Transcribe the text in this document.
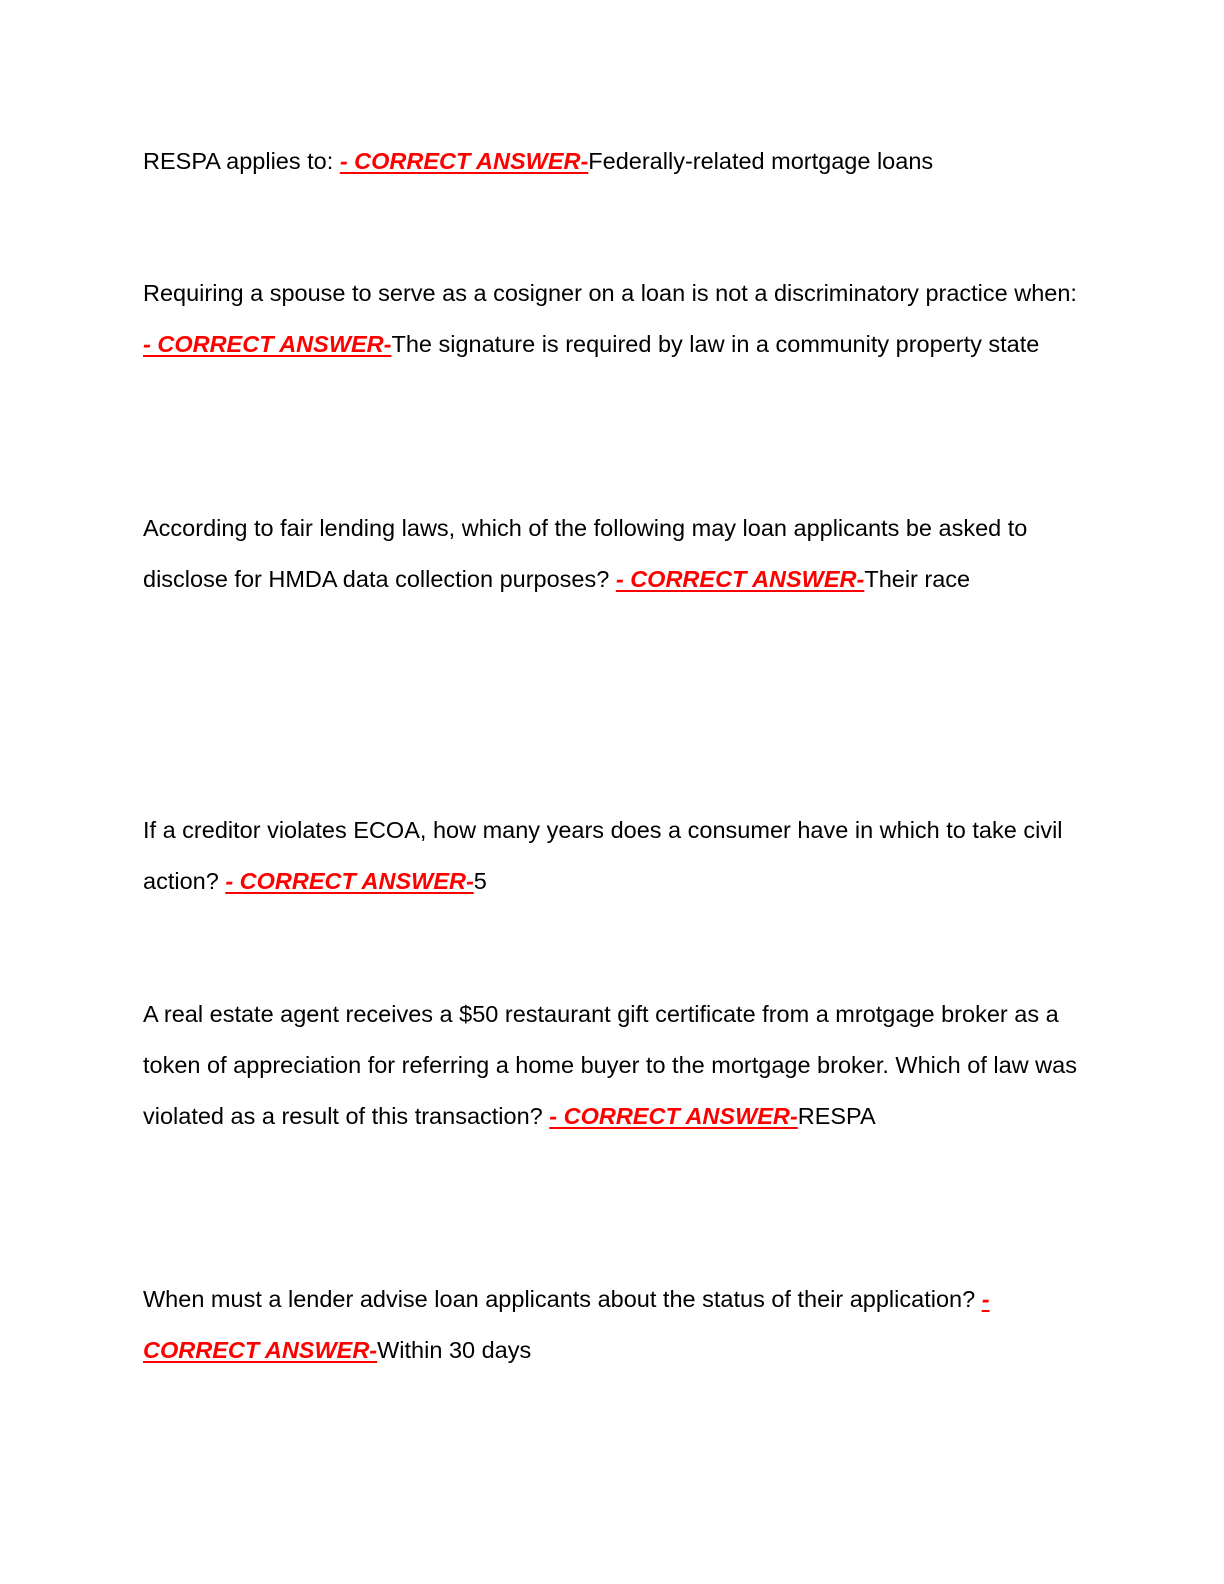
RESPA applies to: - CORRECT ANSWER-Federally-related mortgage loans

Requiring a spouse to serve as a cosigner on a loan is not a discriminatory practice when: - CORRECT ANSWER-The signature is required by law in a community property state

According to fair lending laws, which of the following may loan applicants be asked to disclose for HMDA data collection purposes? - CORRECT ANSWER-Their race

If a creditor violates ECOA, how many years does a consumer have in which to take civil action? - CORRECT ANSWER-5

A real estate agent receives a $50 restaurant gift certificate from a mrotgage broker as a token of appreciation for referring a home buyer to the mortgage broker. Which of law was violated as a result of this transaction? - CORRECT ANSWER-RESPA

When must a lender advise loan applicants about the status of their application? - CORRECT ANSWER-Within 30 days
